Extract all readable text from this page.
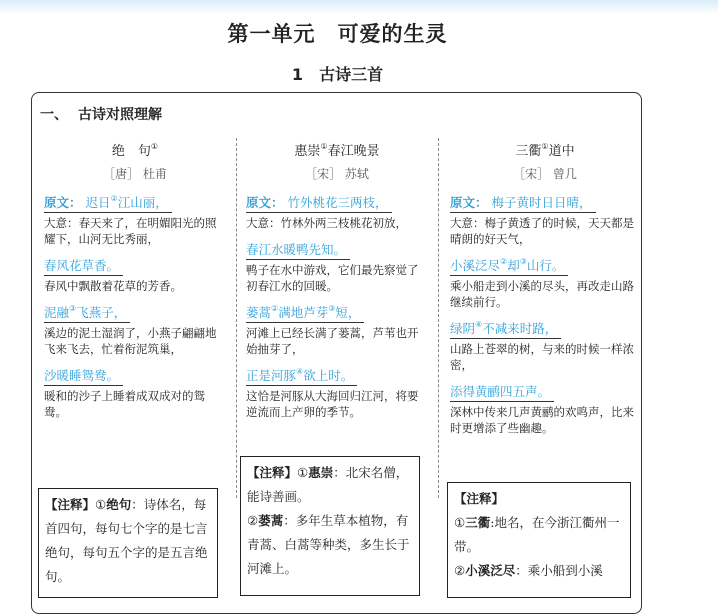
第一单元 可爱的生灵
1 古诗三首
一、 古诗对照理解
绝　句①
［唐］ 杜甫
原文： 迟日②江山丽，
大意：春天来了，在明媚阳光的照耀下，山河无比秀丽，
春风花草香。
春风中飘散着花草的芳香。
泥融③飞燕子，
溪边的泥土湿润了，小燕子翩翩地飞来飞去，忙着衔泥筑巢，
沙暖睡鸳鸯。
暖和的沙子上睡着成双成对的鸳鸯。
惠崇①春江晚景
［宋］ 苏轼
原文： 竹外桃花三两枝，
大意：竹林外两三枝桃花初放，
春江水暖鸭先知。
鸭子在水中游戏，它们最先察觉了初春江水的回暖。
蒌蒿②满地芦芽③短，
河滩上已经长满了蒌蒿，芦苇也开始抽芽了，
正是河豚④欲上时。
这恰是河豚从大海回归江河，将要逆流而上产卵的季节。
三衢①道中
［宋］ 曾几
原文： 梅子黄时日日晴，
大意：梅子黄透了的时候，天天都是晴朗的好天气，
小溪泛尽②却③山行。
乘小船走到小溪的尽头，再改走山路继续前行。
绿阴④不减来时路，
山路上苍翠的树，与来的时候一样浓密，
添得黄鹂四五声。
深林中传来几声黄鹂的欢鸣声，比来时更增添了些幽趣。
【注释】①绝句：诗体名，每首四句，每句七个字的是七言绝句，每句五个字的是五言绝句。
【注释】①惠崇：北宋名僧，能诗善画。
②蒌蒿：多年生草本植物，有青蒿、白蒿等种类，多生长于河滩上。
【注释】
①三衢:地名，在今浙江衢州一带。
②小溪泛尽：乘小船到小溪
